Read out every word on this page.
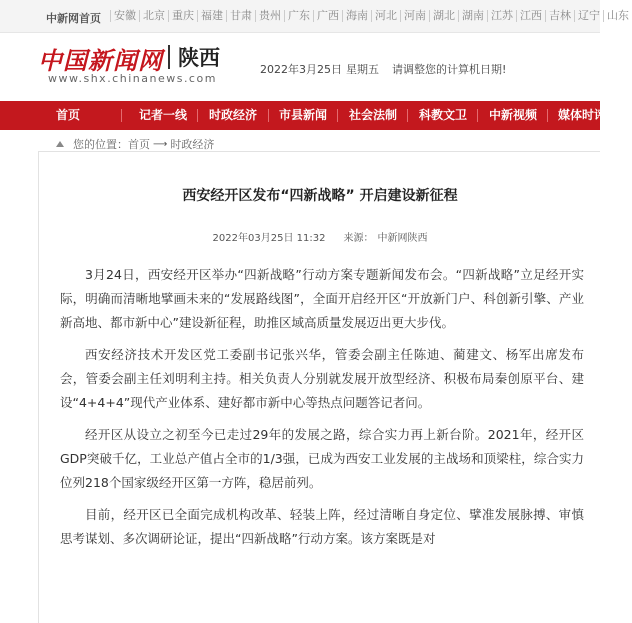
中新网首页	安徽 北京 重庆 福建 甘肃 贵州 广东 广西 海南 河北 河南 湖北 湖南 江苏 江西 吉林 辽宁 山东
中国新闻网 陕西
www.shx.chinanews.com
2022年3月25日 星期五 请调整您的计算机日期!
首页	记者一线 时政经济 市县新闻 社会法制 科教文卫 中新视频 媒体时评
您的位置：首页 ⟶ 时政经济
西安经开区发布“四新战略” 开启建设新征程
2022年03月25日 11:32 来源： 中新网陕西

3月24日，西安经开区举办“四新战略”行动方案专题新闻发布会。“四新战略”立足经开实际，明确而清晰地擘画未来的“发展路线图”，全面开启经开区“开放新门户、科创新引擎、产业新高地、都市新中心”建设新征程，助推区域高质量发展迈出更大步伐。

西安经济技术开发区党工委副书记张兴华，管委会副主任陈迪、蔺建文、杨军出席发布会，管委会副主任刘明利主持。相关负责人分别就发展开放型经济、积极布局秦创原平台、建设“4+4+4”现代产业体系、建好都市新中心等热点问题答记者问。

经开区从设立之初至今已走过29年的发展之路，综合实力再上新台阶。2021年，经开区GDP突破千亿，工业总产值占全市的1/3强，已成为西安工业发展的主战场和顶梁柱，综合实力位列218个国家级经开区第一方阵，稳居前列。

目前，经开区已全面完成机构改革、轻装上阵，经过清晰自身定位、擘准发展脉搏、审慎思考谋划、多次调研论证，提出“四新战略”行动方案。该方案既是对
